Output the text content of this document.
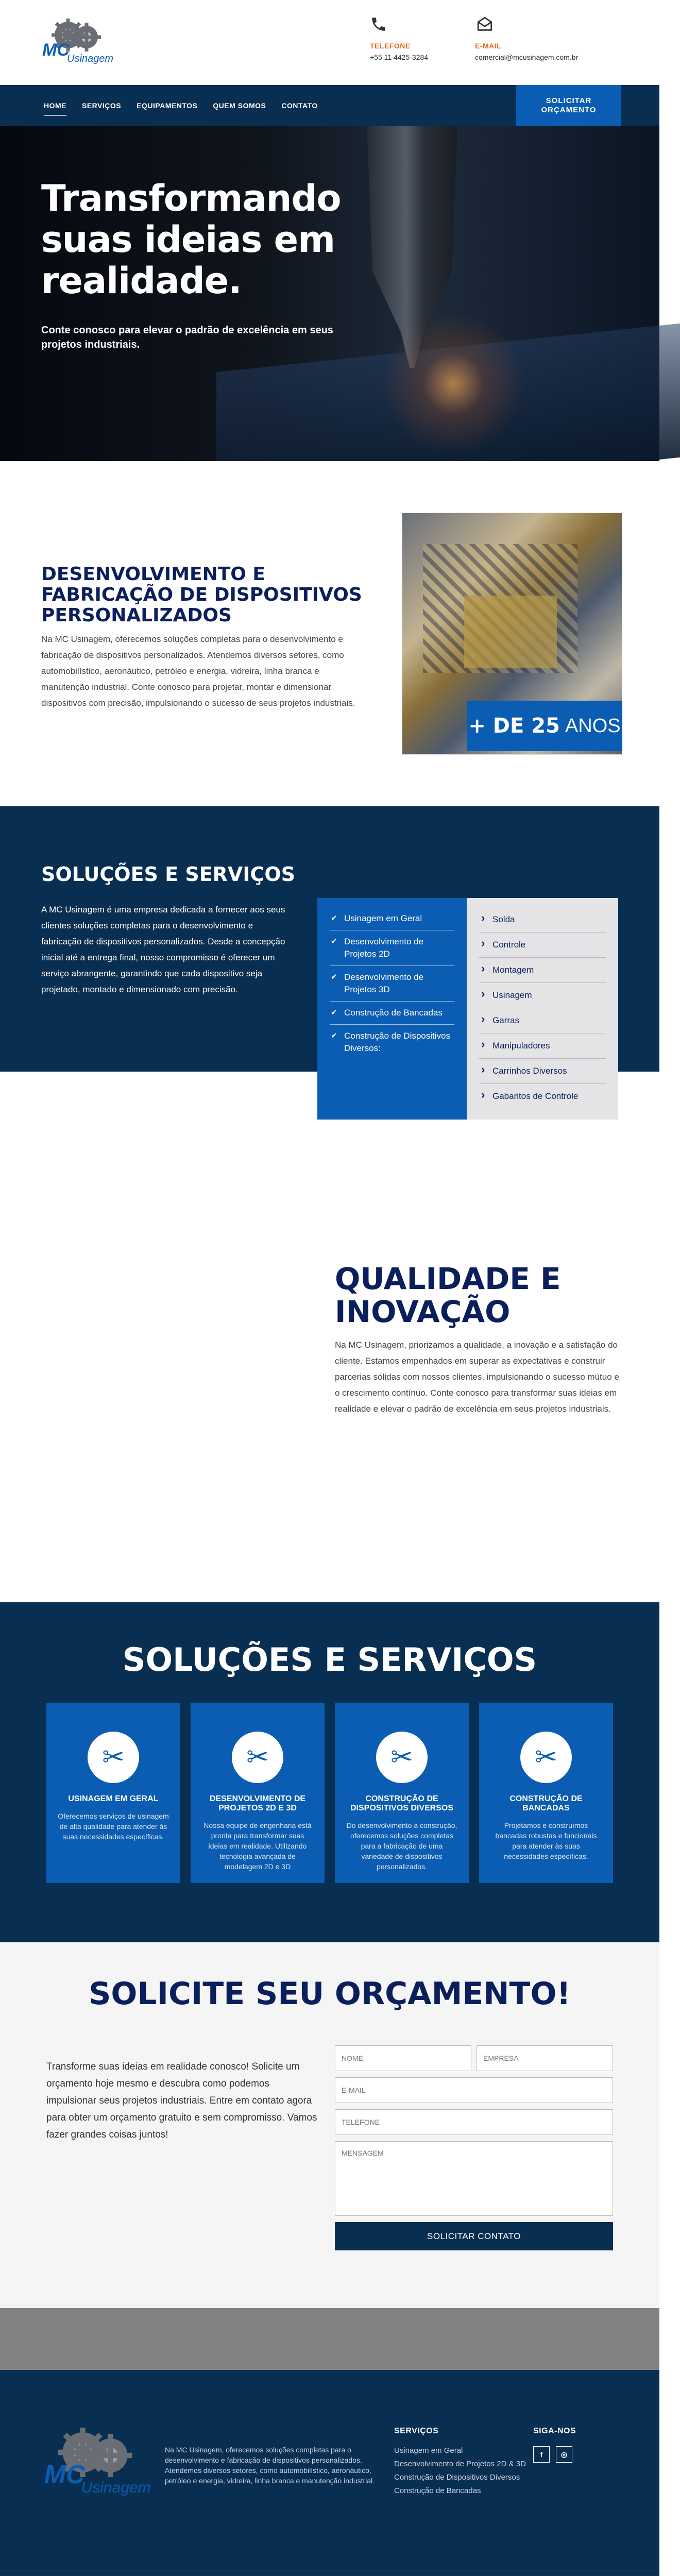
MC
Usinagem
TELEFONE
+55 11 4425-3284
E-MAIL
comercial@mcusinagem.com.br
HOME	SERVIÇOS	EQUIPAMENTOS	QUEM SOMOS	CONTATO
SOLICITAR
ORÇAMENTO
Transformando suas ideias em realidade.

Conte conosco para elevar o padrão de excelência em seus projetos industriais.

DESENVOLVIMENTO E FABRICAÇÃO DE DISPOSITIVOS PERSONALIZADOS

Na MC Usinagem, oferecemos soluções completas para o desenvolvimento e fabricação de dispositivos personalizados. Atendemos diversos setores, como automobilístico, aeronáutico, petróleo e energia, vidreira, linha branca e manutenção industrial. Conte conosco para projetar, montar e dimensionar dispositivos com precisão, impulsionando o sucesso de seus projetos industriais.

+ DE 25 ANOS
SOLUÇÕES E SERVIÇOS

A MC Usinagem é uma empresa dedicada a fornecer aos seus clientes soluções completas para o desenvolvimento e fabricação de dispositivos personalizados. Desde a concepção inicial até a entrega final, nosso compromisso é oferecer um serviço abrangente, garantindo que cada dispositivo seja projetado, montado e dimensionado com precisão.

✔ Usinagem em Geral
✔ Desenvolvimento de Projetos 2D
✔ Desenvolvimento de Projetos 3D
✔ Construção de Bancadas
✔ Construção de Dispositivos Diversos:
› Solda
› Controle
› Montagem
› Usinagem
› Garras
› Manipuladores
› Carrinhos Diversos
› Gabaritos de Controle
QUALIDADE E INOVAÇÃO

Na MC Usinagem, priorizamos a qualidade, a inovação e a satisfação do cliente. Estamos empenhados em superar as expectativas e construir parcerias sólidas com nossos clientes, impulsionando o sucesso mútuo e o crescimento contínuo. Conte conosco para transformar suas ideias em realidade e elevar o padrão de excelência em seus projetos industriais.

SOLUÇÕES E SERVIÇOS
✂
USINAGEM EM GERAL

Oferecemos serviços de usinagem de alta qualidade para atender às suas necessidades específicas.

✂
DESENVOLVIMENTO DE PROJETOS 2D E 3D

Nossa equipe de engenharia está pronta para transformar suas ideias em realidade. Utilizando tecnologia avançada de modelagem 2D e 3D

✂
CONSTRUÇÃO DE DISPOSITIVOS DIVERSOS

Do desenvolvimento à construção, oferecemos soluções completas para a fabricação de uma variedade de dispositivos personalizados.

✂
CONSTRUÇÃO DE BANCADAS

Projetamos e construímos bancadas robustas e funcionais para atender às suas necessidades específicas.

SOLICITE SEU ORÇAMENTO!

Transforme suas ideias em realidade conosco! Solicite um orçamento hoje mesmo e descubra como podemos impulsionar seus projetos industriais. Entre em contato agora para obter um orçamento gratuito e sem compromisso. Vamos fazer grandes coisas juntos!

NOME
EMPRESA
E-MAIL
TELEFONE
MENSAGEM
SOLICITAR CONTATO
MC
Usinagem

Na MC Usinagem, oferecemos soluções completas para o desenvolvimento e fabricação de dispositivos personalizados. Atendemos diversos setores, como automobilístico, aeronáutico, petróleo e energia, vidreira, linha branca e manutenção industrial.

SERVIÇOS
Usinagem em Geral
Desenvolvimento de Projetos 2D & 3D
Construção de Dispositivos Diversos
Construção de Bancadas
SIGA-NOS
f	◎
